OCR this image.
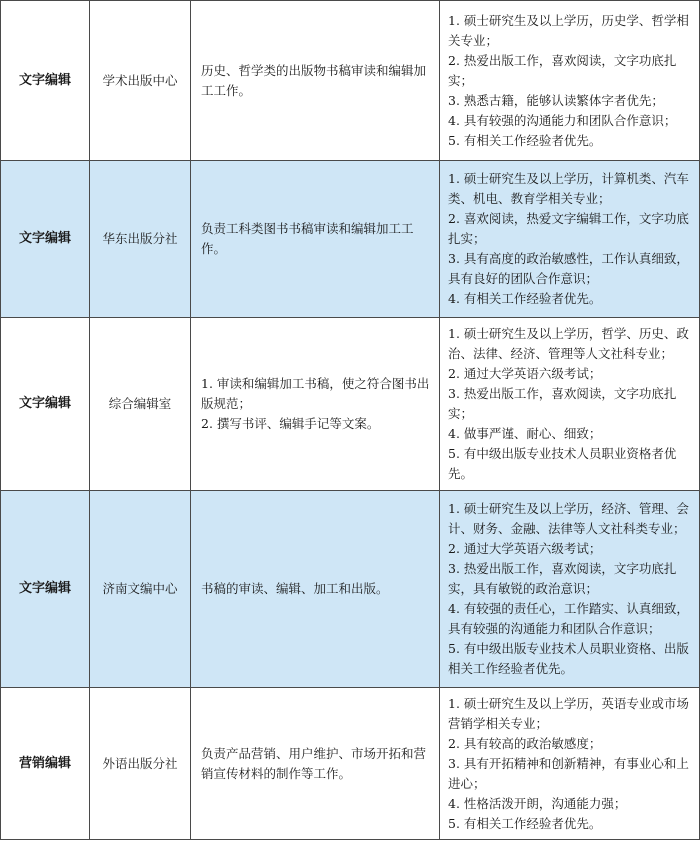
文字编辑	学术出版中心	历史、哲学类的出版物书稿审读和编辑加工工作。	1. 硕士研究生及以上学历，历史学、哲学相关专业；
2. 热爱出版工作，喜欢阅读，文字功底扎实；
3. 熟悉古籍，能够认读繁体字者优先；
4. 具有较强的沟通能力和团队合作意识；
5. 有相关工作经验者优先。

文字编辑	华东出版分社	负责工科类图书书稿审读和编辑加工工作。	1. 硕士研究生及以上学历，计算机类、汽车类、机电、教育学相关专业；
2. 喜欢阅读，热爱文字编辑工作，文字功底扎实；
3. 具有高度的政治敏感性，工作认真细致，具有良好的团队合作意识；
4. 有相关工作经验者优先。

文字编辑	综合编辑室	1. 审读和编辑加工书稿，使之符合图书出版规范；
2. 撰写书评、编辑手记等文案。	1. 硕士研究生及以上学历，哲学、历史、政治、法律、经济、管理等人文社科专业；
2. 通过大学英语六级考试；
3. 热爱出版工作，喜欢阅读，文字功底扎实；
4. 做事严谨、耐心、细致；
5. 有中级出版专业技术人员职业资格者优先。

文字编辑	济南文编中心	书稿的审读、编辑、加工和出版。	1. 硕士研究生及以上学历，经济、管理、会计、财务、金融、法律等人文社科类专业；
2. 通过大学英语六级考试；
3. 热爱出版工作，喜欢阅读，文字功底扎实，具有敏锐的政治意识；
4. 有较强的责任心，工作踏实、认真细致，具有较强的沟通能力和团队合作意识；
5. 有中级出版专业技术人员职业资格、出版相关工作经验者优先。

营销编辑	外语出版分社	负责产品营销、用户维护、市场开拓和营销宣传材料的制作等工作。	1. 硕士研究生及以上学历，英语专业或市场营销学相关专业；
2. 具有较高的政治敏感度；
3. 具有开拓精神和创新精神，有事业心和上进心；
4. 性格活泼开朗，沟通能力强；
5. 有相关工作经验者优先。
